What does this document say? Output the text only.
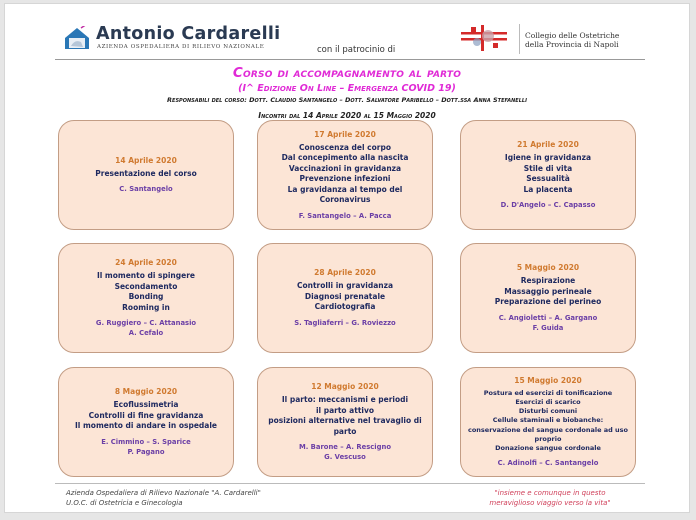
Antonio Cardarelli
AZIENDA OSPEDALIERA DI RILIEVO NAZIONALE	con il patrocinio di
Collegio delle Ostetriche
della Provincia di Napoli
Corso di accompagnamento al parto
(I^ Edizione On Line – Emergenza COVID 19)
Responsabili del corso: Dott. Claudio Santangelo – Dott. Salvatore Paribello – Dott.ssa Anna Stefanelli
Incontri dal 14 Aprile 2020 al 15 Maggio 2020
14 Aprile 2020
Presentazione del corso
C. Santangelo
17 Aprile 2020
Conoscenza del corpo
Dal concepimento alla nascita
Vaccinazioni in gravidanza
Prevenzione infezioni
La gravidanza al tempo del Coronavirus
F. Santangelo – A. Pacca
21 Aprile 2020
Igiene in gravidanza
Stile di vita
Sessualità
La placenta
D. D'Angelo – C. Capasso
24 Aprile 2020
Il momento di spingere
Secondamento
Bonding
Rooming in
G. Ruggiero – C. Attanasio
A. Cefalo
28 Aprile 2020
Controlli in gravidanza
Diagnosi prenatale
Cardiotografia
S. Tagliaferri – G. Roviezzo
5 Maggio 2020
Respirazione
Massaggio perineale
Preparazione del perineo
C. Angioletti – A. Gargano
F. Guida
8 Maggio 2020
Ecoflussimetria
Controlli di fine gravidanza
Il momento di andare in ospedale
E. Cimmino – S. Sparice
P. Pagano
12 Maggio 2020
Il parto: meccanismi e periodi
il parto attivo
posizioni alternative nel travaglio di parto
M. Barone – A. Rescigno
G. Vescuso
15 Maggio 2020
Postura ed esercizi di tonificazione
Esercizi di scarico
Disturbi comuni
Cellule staminali e biobanche: conservazione del sangue cordonale ad uso proprio
Donazione sangue cordonale
C. Adinolfi – C. Santangelo
Azienda Ospedaliera di Rilievo Nazionale "A. Cardarelli"
U.O.C. di Ostetricia e Ginecologia
"insieme e comunque in questo
meraviglioso viaggio verso la vita"
